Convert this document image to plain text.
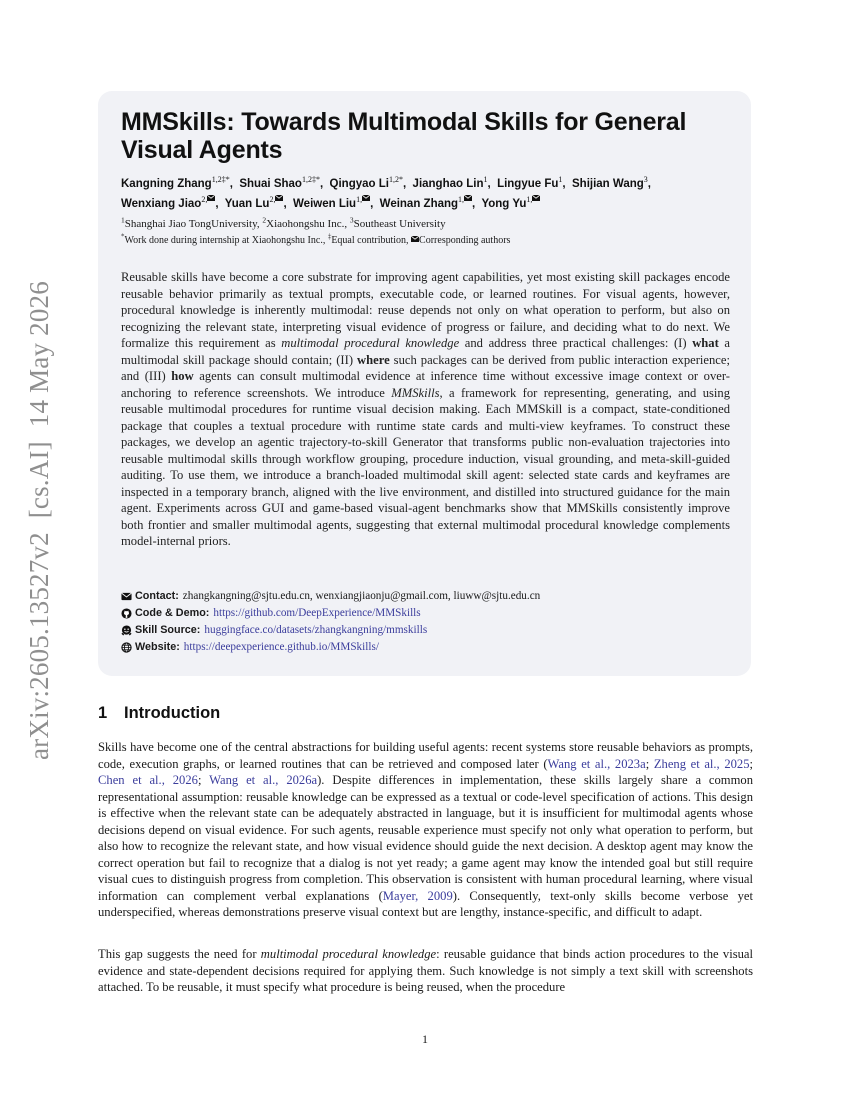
arXiv:2605.13527v2  [cs.AI]  14 May 2026
MMSkills: Towards Multimodal Skills for General Visual Agents
Kangning Zhang$^{1,2\ddagger*}$,  Shuai Shao$^{1,2\ddagger*}$,  Qingyao $Li^{1,2*}$,  Jianghao Lin$^1$,  Lingyue Fu$^1$,  Shijian Wang$^3$,
Wenxiang Jiao$^{2,}$ ,  Yuan $Lu^{2,}$ ,  Weiwen Liu$^{1,}$ ,  Weinan Zhang$^{1,}$ ,  Yong $Yu^{1,}$
$^1$Shanghai Jiao TongUniversity, $^2$Xiaohongshu Inc., $^3$Southeast University
*Work done during internship at Xiaohongshu Inc., ‡Equal contribution, Corresponding authors

Reusable skills have become a core substrate for improving agent capabilities, yet most existing skill packages encode reusable behavior primarily as textual prompts, executable code, or learned routines. For visual agents, however, procedural knowledge is inherently multimodal: reuse depends not only on what operation to perform, but also on recognizing the relevant state, interpreting visual evidence of progress or failure, and deciding what to do next. We formalize this requirement as multimodal procedural knowledge and address three practical challenges: (I) what a multimodal skill package should contain; (II) where such packages can be derived from public interaction experience; and (III) how agents can consult multimodal evidence at inference time without excessive image context or over-anchoring to reference screenshots. We introduce MMSkills, a framework for representing, generating, and using reusable multimodal procedures for runtime visual decision making. Each MMSkill is a compact, state-conditioned package that couples a textual procedure with runtime state cards and multi-view keyframes. To construct these packages, we develop an agentic trajectory-to-skill Generator that transforms public non-evaluation trajectories into reusable multimodal skills through workflow grouping, procedure induction, visual grounding, and meta-skill-guided auditing. To use them, we introduce a branch-loaded multimodal skill agent: selected state cards and keyframes are inspected in a temporary branch, aligned with the live environment, and distilled into structured guidance for the main agent. Experiments across GUI and game-based visual-agent benchmarks show that MMSkills consistently improve both frontier and smaller multimodal agents, suggesting that external multimodal procedural knowledge complements model-internal priors.

Contact: zhangkangning@sjtu.edu.cn, wenxiangjiaonju@gmail.com, liuww@sjtu.edu.cn
Code & Demo: https://github.com/DeepExperience/MMSkills
Skill Source: huggingface.co/datasets/zhangkangning/mmskills
Website: https://deepexperience.github.io/MMSkills/
1 Introduction

Skills have become one of the central abstractions for building useful agents: recent systems store reusable behaviors as prompts, code, execution graphs, or learned routines that can be retrieved and composed later (Wang et al., 2023a; Zheng et al., 2025; Chen et al., 2026; Wang et al., 2026a). Despite differences in implementation, these skills largely share a common representational assumption: reusable knowledge can be expressed as a textual or code-level specification of actions. This design is effective when the relevant state can be adequately abstracted in language, but it is insufficient for multimodal agents whose decisions depend on visual evidence. For such agents, reusable experience must specify not only what operation to perform, but also how to recognize the relevant state, and how visual evidence should guide the next decision. A desktop agent may know the correct operation but fail to recognize that a dialog is not yet ready; a game agent may know the intended goal but still require visual cues to distinguish progress from completion. This observation is consistent with human procedural learning, where visual information can complement verbal explanations (Mayer, 2009). Consequently, text-only skills become verbose yet underspecified, whereas demonstrations preserve visual context but are lengthy, instance-specific, and difficult to adapt.

This gap suggests the need for multimodal procedural knowledge: reusable guidance that binds action procedures to the visual evidence and state-dependent decisions required for applying them. Such knowledge is not simply a text skill with screenshots attached. To be reusable, it must specify what procedure is being reused, when the procedure

1
